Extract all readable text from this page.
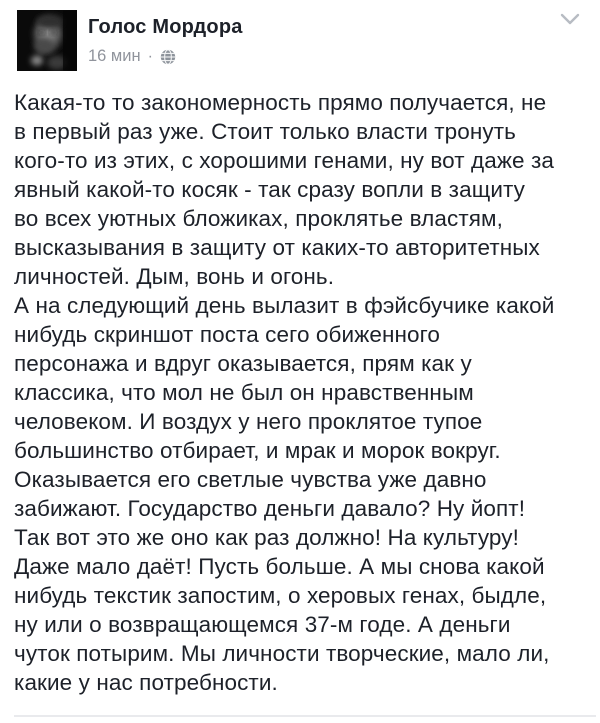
Голос Мордора
16 мин ·
Какая-то то закономерность прямо получается, не
в первый раз уже. Стоит только власти тронуть
кого-то из этих, с хорошими генами, ну вот даже за
явный какой-то косяк - так сразу вопли в защиту
во всех уютных бложиках, проклятье властям,
высказывания в защиту от каких-то авторитетных
личностей. Дым, вонь и огонь.
А на следующий день вылазит в фэйсбучике какой
нибудь скриншот поста сего обиженного
персонажа и вдруг оказывается, прям как у
классика, что мол не был он нравственным
человеком. И воздух у него проклятое тупое
большинство отбирает, и мрак и морок вокруг.
Оказывается его светлые чувства уже давно
забижают. Государство деньги давало? Ну йопт!
Так вот это же оно как раз должно! На культуру!
Даже мало даёт! Пусть больше. А мы снова какой
нибудь текстик запостим, о херовых генах, быдле,
ну или о возвращающемся 37-м годе. А деньги
чуток потырим. Мы личности творческие, мало ли,
какие у нас потребности.
